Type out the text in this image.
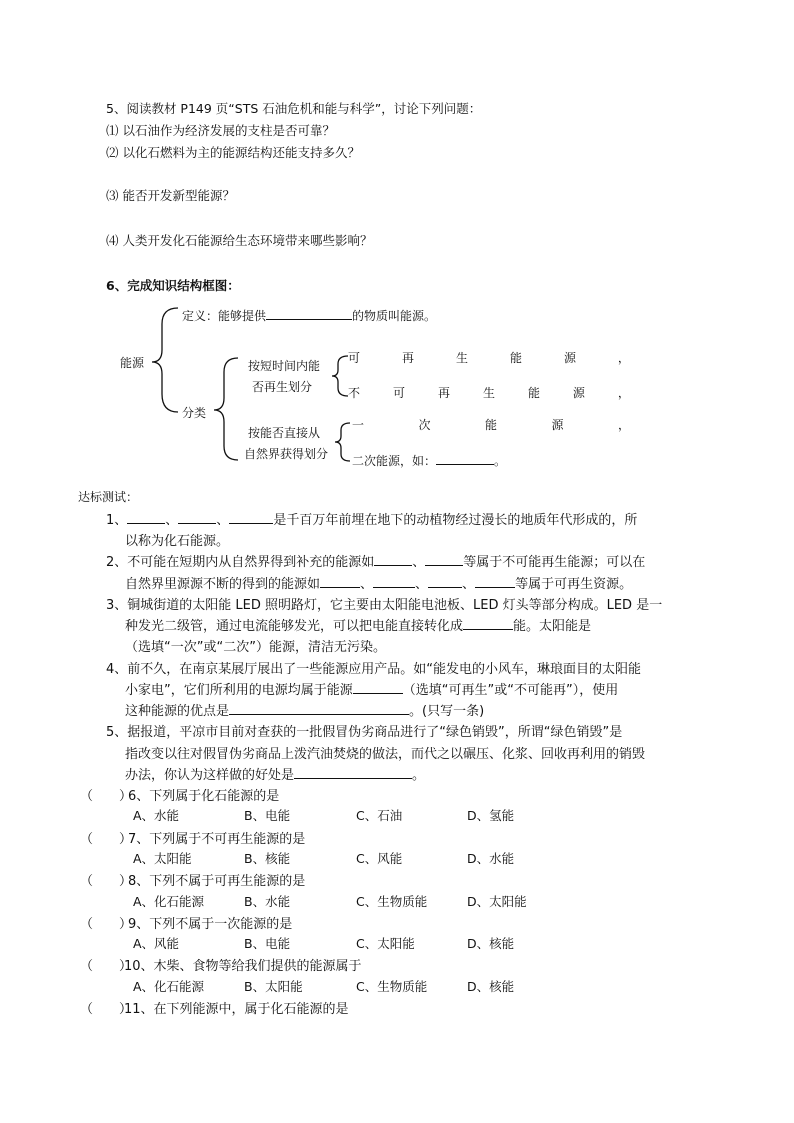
5、阅读教材 P149 页“STS 石油危机和能与科学”，讨论下列问题：
⑴ 以石油作为经济发展的支柱是否可靠？
⑵ 以化石燃料为主的能源结构还能支持多久？
⑶ 能否开发新型能源？
⑷ 人类开发化石能源给生态环境带来哪些影响？
6、完成知识结构框图：
能源
定义：能够提供	的物质叫能源。
分类
按短时间内能
否再生划分
可	再	生	能	源	，
不	可	再	生	能	源	，
按能否直接从
自然界获得划分
一	次	能	源	，
二次能源，如：	。
达标测试：
1、	、	、	是千百万年前埋在地下的动植物经过漫长的地质年代形成的，所
以称为化石能源。
2、不可能在短期内从自然界得到补充的能源如	、	等属于不可能再生能源；可以在
自然界里源源不断的得到的能源如	、	、	、	等属于可再生资源。
3、铜城街道的太阳能 LED 照明路灯，它主要由太阳能电池板、LED 灯头等部分构成。LED 是一
种发光二级管，通过电流能够发光，可以把电能直接转化成	能。太阳能是
（选填“一次”或“二次”）能源，清洁无污染。
4、前不久，在南京某展厅展出了一些能源应用产品。如“能发电的小风车，琳琅面目的太阳能
小家电”，它们所利用的电源均属于能源	（选填“可再生”或“不可能再”），使用
这种能源的优点是	。(只写一条)
5、据报道，平凉市目前对查获的一批假冒伪劣商品进行了“绿色销毁”，所谓“绿色销毁”是
指改变以往对假冒伪劣商品上泼汽油焚烧的做法，而代之以碾压、化浆、回收再利用的销毁
办法，你认为这样做的好处是	。
（　　）
6、下列属于化石能源的是
A、水能	B、电能	C、石油	D、氢能
（　　）
7、下列属于不可再生能源的是
A、太阳能	B、核能	C、风能	D、水能
（　　）
8、下列不属于可再生能源的是
A、化石能源	B、水能	C、生物质能	D、太阳能
（　　）
9、下列不属于一次能源的是
A、风能	B、电能	C、太阳能	D、核能
（　　）
10、木柴、食物等给我们提供的能源属于
A、化石能源	B、太阳能	C、生物质能	D、核能
（　　）
11、在下列能源中，属于化石能源的是
